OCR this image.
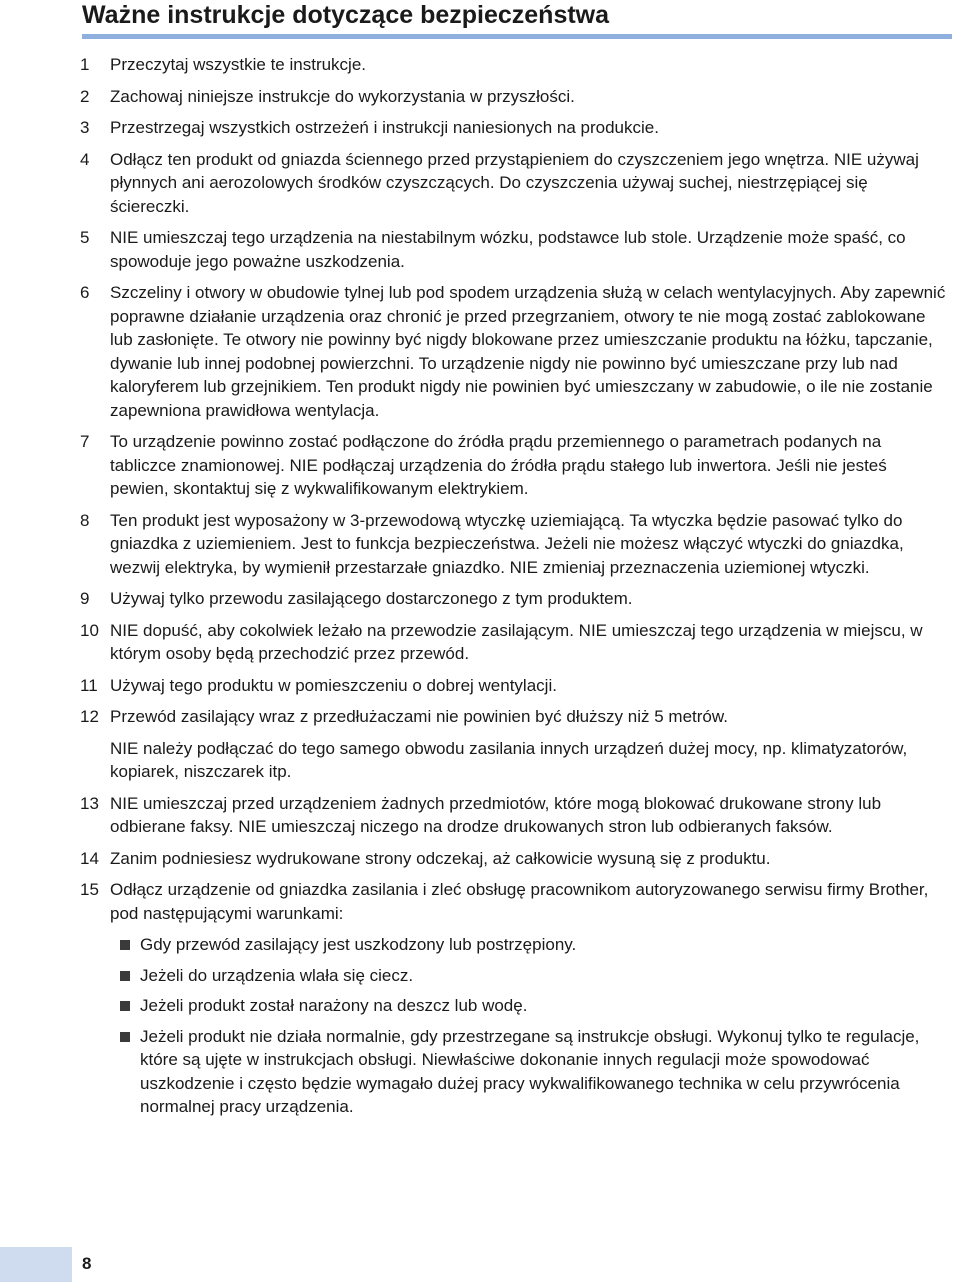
Ważne instrukcje dotyczące bezpieczeństwa
1	Przeczytaj wszystkie te instrukcje.

2	Zachowaj niniejsze instrukcje do wykorzystania w przyszłości.

3	Przestrzegaj wszystkich ostrzeżeń i instrukcji naniesionych na produkcie.

4	Odłącz ten produkt od gniazda ściennego przed przystąpieniem do czyszczeniem jego wnętrza. NIE używaj płynnych ani aerozolowych środków czyszczących. Do czyszczenia używaj suchej, niestrzępiącej się ściereczki.

5	NIE umieszczaj tego urządzenia na niestabilnym wózku, podstawce lub stole. Urządzenie może spaść, co spowoduje jego poważne uszkodzenia.

6	Szczeliny i otwory w obudowie tylnej lub pod spodem urządzenia służą w celach wentylacyjnych. Aby zapewnić poprawne działanie urządzenia oraz chronić je przed przegrzaniem, otwory te nie mogą zostać zablokowane lub zasłonięte. Te otwory nie powinny być nigdy blokowane przez umieszczanie produktu na łóżku, tapczanie, dywanie lub innej podobnej powierzchni. To urządzenie nigdy nie powinno być umieszczane przy lub nad kaloryferem lub grzejnikiem. Ten produkt nigdy nie powinien być umieszczany w zabudowie, o ile nie zostanie zapewniona prawidłowa wentylacja.

7	To urządzenie powinno zostać podłączone do źródła prądu przemiennego o parametrach podanych na tabliczce znamionowej. NIE podłączaj urządzenia do źródła prądu stałego lub inwertora. Jeśli nie jesteś pewien, skontaktuj się z wykwalifikowanym elektrykiem.

8	Ten produkt jest wyposażony w 3-przewodową wtyczkę uziemiającą. Ta wtyczka będzie pasować tylko do gniazdka z uziemieniem. Jest to funkcja bezpieczeństwa. Jeżeli nie możesz włączyć wtyczki do gniazdka, wezwij elektryka, by wymienił przestarzałe gniazdko. NIE zmieniaj przeznaczenia uziemionej wtyczki.

9	Używaj tylko przewodu zasilającego dostarczonego z tym produktem.

10 NIE dopuść, aby cokolwiek leżało na przewodzie zasilającym. NIE umieszczaj tego urządzenia w miejscu, w którym osoby będą przechodzić przez przewód.

11 Używaj tego produktu w pomieszczeniu o dobrej wentylacji.

12 Przewód zasilający wraz z przedłużaczami nie powinien być dłuższy niż 5 metrów.

NIE należy podłączać do tego samego obwodu zasilania innych urządzeń dużej mocy, np. klimatyzatorów, kopiarek, niszczarek itp.

13 NIE umieszczaj przed urządzeniem żadnych przedmiotów, które mogą blokować drukowane strony lub odbierane faksy. NIE umieszczaj niczego na drodze drukowanych stron lub odbieranych faksów.

14 Zanim podniesiesz wydrukowane strony odczekaj, aż całkowicie wysuną się z produktu.

15 Odłącz urządzenie od gniazdka zasilania i zleć obsługę pracownikom autoryzowanego serwisu firmy Brother, pod następującymi warunkami:

Gdy przewód zasilający jest uszkodzony lub postrzępiony.
Jeżeli do urządzenia wlała się ciecz.
Jeżeli produkt został narażony na deszcz lub wodę.
Jeżeli produkt nie działa normalnie, gdy przestrzegane są instrukcje obsługi. Wykonuj tylko te regulacje, które są ujęte w instrukcjach obsługi. Niewłaściwe dokonanie innych regulacji może spowodować uszkodzenie i często będzie wymagało dużej pracy wykwalifikowanego technika w celu przywrócenia normalnej pracy urządzenia.
8
